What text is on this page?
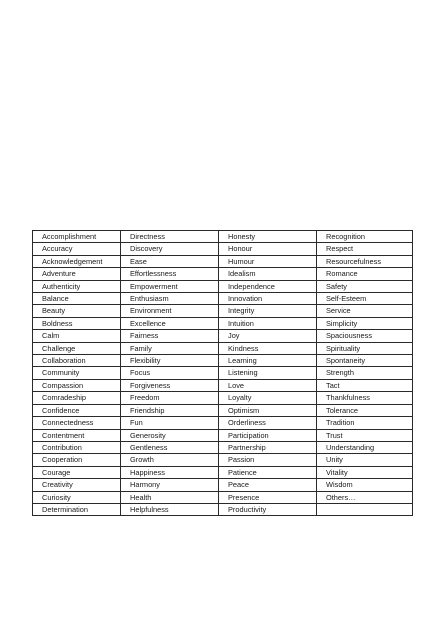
Accomplishment	Directness	Honesty	Recognition
Accuracy	Discovery	Honour	Respect
Acknowledgement	Ease	Humour	Resourcefulness
Adventure	Effortlessness	Idealism	Romance
Authenticity	Empowerment	Independence	Safety
Balance	Enthusiasm	Innovation	Self-Esteem
Beauty	Environment	Integrity	Service
Boldness	Excellence	Intuition	Simplicity
Calm	Fairness	Joy	Spaciousness
Challenge	Family	Kindness	Spirituality
Collaboration	Flexibility	Learning	Spontaneity
Community	Focus	Listening	Strength
Compassion	Forgiveness	Love	Tact
Comradeship	Freedom	Loyalty	Thankfulness
Confidence	Friendship	Optimism	Tolerance
Connectedness	Fun	Orderliness	Tradition
Contentment	Generosity	Participation	Trust
Contribution	Gentleness	Partnership	Understanding
Cooperation	Growth	Passion	Unity
Courage	Happiness	Patience	Vitality
Creativity	Harmony	Peace	Wisdom
Curiosity	Health	Presence	Others…
Determination	Helpfulness	Productivity	
